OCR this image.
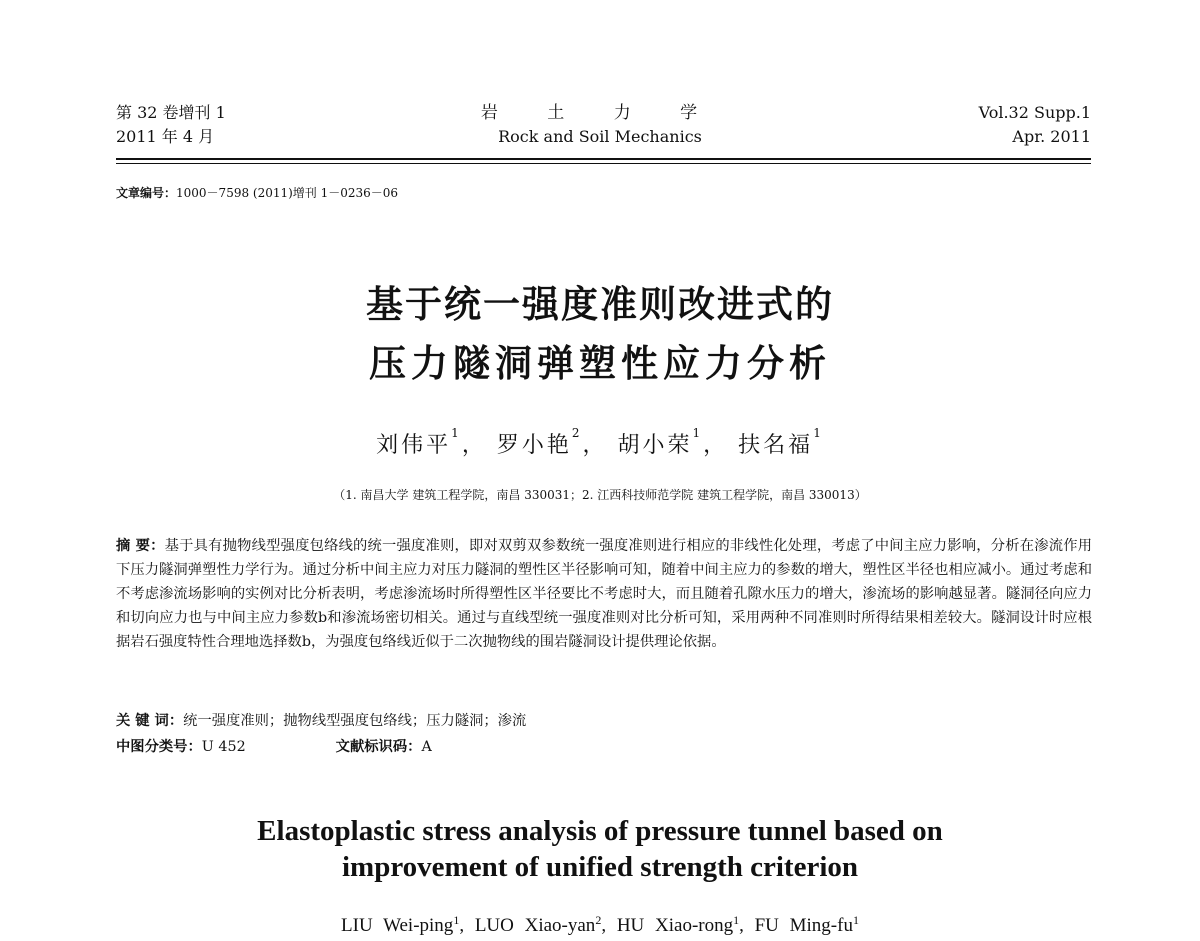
第 32 卷增刊 1
2011 年 4 月
岩 土 力 学
Rock and Soil Mechanics
Vol.32 Supp.1
Apr. 2011
文章编号：1000－7598 (2011)增刊 1－0236－06
基于统一强度准则改进式的
压力隧洞弹塑性应力分析
刘伟平$^1$， 罗小艳$^2$， 胡小荣$^1$， 扶名福$^1$
（1. 南昌大学 建筑工程学院，南昌 330031；2. 江西科技师范学院 建筑工程学院，南昌 330013）
摘 要：基于具有抛物线型强度包络线的统一强度准则，即对双剪双参数统一强度准则进行相应的非线性化处理，考虑了中间主应力影响，分析在渗流作用下压力隧洞弹塑性力学行为。通过分析中间主应力对压力隧洞的塑性区半径影响可知，随着中间主应力的参数的增大，塑性区半径也相应减小。通过考虑和不考虑渗流场影响的实例对比分析表明，考虑渗流场时所得塑性区半径要比不考虑时大，而且随着孔隙水压力的增大，渗流场的影响越显著。隧洞径向应力和切向应力也与中间主应力参数b和渗流场密切相关。通过与直线型统一强度准则对比分析可知，采用两种不同准则时所得结果相差较大。隧洞设计时应根据岩石强度特性合理地选择数b，为强度包络线近似于二次抛物线的围岩隧洞设计提供理论依据。
关 键 词：统一强度准则；抛物线型强度包络线；压力隧洞；渗流
中图分类号：U 452	文献标识码：A
Elastoplastic stress analysis of pressure tunnel based on
improvement of unified strength criterion
LIU Wei-ping$^1$, LUO Xiao-yan$^2$, HU Xiao-rong$^1$, FU Ming-$fu^1$
